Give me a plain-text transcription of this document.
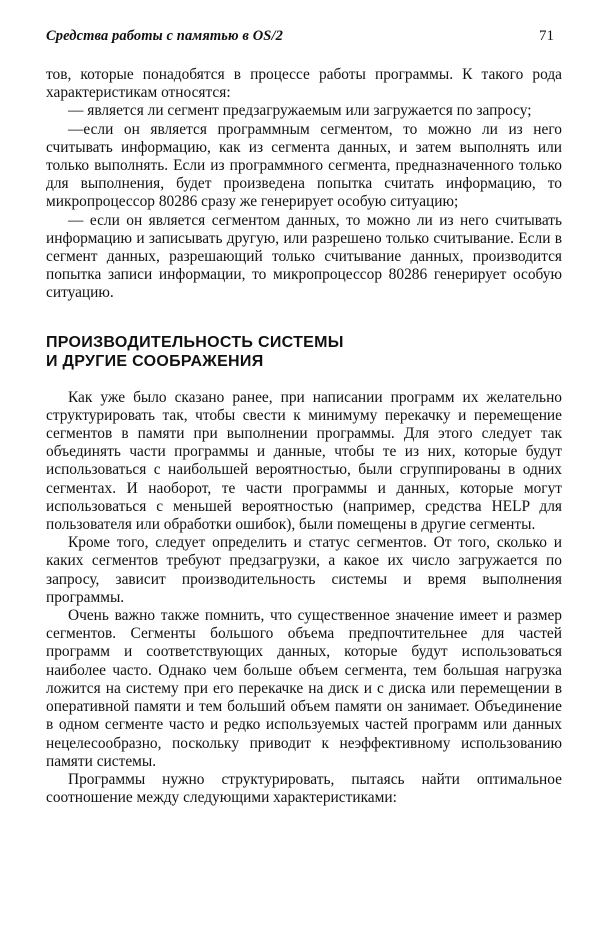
Средства работы с памятью в OS/2	71

тов, которые понадобятся в процессе работы программы. К такого рода характеристикам относятся:

— является ли сегмент предзагружаемым или загружается по запросу;

—если он является программным сегментом, то можно ли из него считывать информацию, как из сегмента данных, и затем выполнять или только выполнять. Если из программного сегмента, предназначенного только для выполнения, будет произведена попытка считать информацию, то микропроцессор 80286 сразу же генерирует особую ситуацию;

— если он является сегментом данных, то можно ли из него считывать информацию и записывать другую, или разрешено только считывание. Если в сегмент данных, разрешающий только считывание данных, производится попытка записи информации, то микропроцессор 80286 генерирует особую ситуацию.

ПРОИЗВОДИТЕЛЬНОСТЬ СИСТЕМЫ
И ДРУГИЕ СООБРАЖЕНИЯ

Как уже было сказано ранее, при написании программ их желательно структурировать так, чтобы свести к минимуму перекачку и перемещение сегментов в памяти при выполнении программы. Для этого следует так объединять части программы и данные, чтобы те из них, которые будут использоваться с наибольшей вероятностью, были сгруппированы в одних сегментах. И наоборот, те части программы и данных, которые могут использоваться с меньшей вероятностью (например, средства HELP для пользователя или обработки ошибок), были помещены в другие сегменты.

Кроме того, следует определить и статус сегментов. От того, сколько и каких сегментов требуют предзагрузки, а какое их число загружается по запросу, зависит производительность системы и время выполнения программы.

Очень важно также помнить, что существенное значение имеет и размер сегментов. Сегменты большого объема предпочтительнее для частей программ и соответствующих данных, которые будут использоваться наиболее часто. Однако чем больше объем сегмента, тем большая нагрузка ложится на систему при его перекачке на диск и с диска или перемещении в оперативной памяти и тем больший объем памяти он занимает. Объединение в одном сегменте часто и редко используемых частей программ или данных нецелесообразно, поскольку приводит к неэффективному использованию памяти системы.

Программы нужно структурировать, пытаясь найти оптимальное соотношение между следующими характеристиками:
